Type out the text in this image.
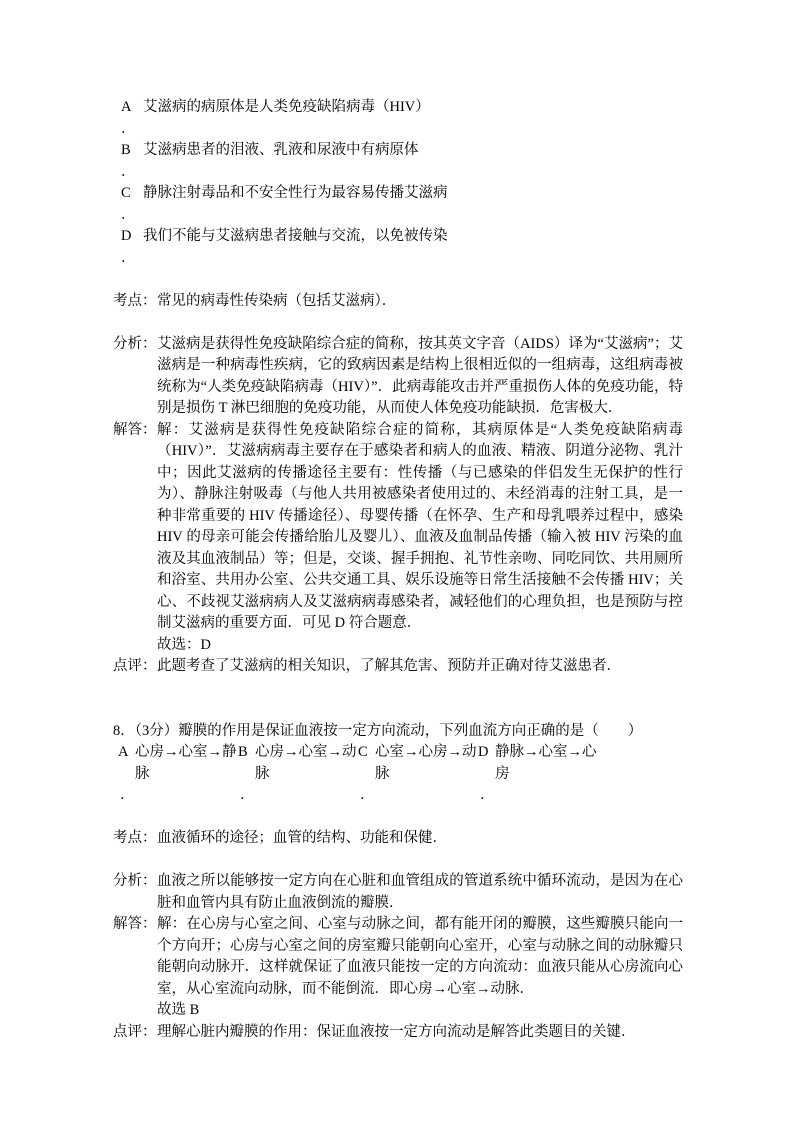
A 艾滋病的病原体是人类免疫缺陷病毒（HIV）
．
B 艾滋病患者的泪液、乳液和尿液中有病原体
．
C 静脉注射毒品和不安全性行为最容易传播艾滋病
．
D 我们不能与艾滋病患者接触与交流，以免被传染
．
考点： 常见的病毒性传染病（包括艾滋病）．

分析： 艾滋病是获得性免疫缺陷综合症的简称，按其英文字音（AIDS）译为“艾滋病”；艾滋病是一种病毒性疾病，它的致病因素是结构上很相近似的一组病毒，这组病毒被统称为“人类免疫缺陷病毒（HIV）”．此病毒能攻击并严重损伤人体的免疫功能，特别是损伤 T 淋巴细胞的免疫功能，从而使人体免疫功能缺损．危害极大．

解答： 解：艾滋病是获得性免疫缺陷综合症的简称，其病原体是“人类免疫缺陷病毒（HIV）”．艾滋病病毒主要存在于感染者和病人的血液、精液、阴道分泌物、乳汁中；因此艾滋病的传播途径主要有：性传播（与已感染的伴侣发生无保护的性行为）、静脉注射吸毒（与他人共用被感染者使用过的、未经消毒的注射工具，是一种非常重要的 HIV 传播途径）、母婴传播（在怀孕、生产和母乳喂养过程中，感染 HIV 的母亲可能会传播给胎儿及婴儿）、血液及血制品传播（输入被 HIV 污染的血液及其血液制品）等；但是，交谈、握手拥抱、礼节性亲吻、同吃同饮、共用厕所和浴室、共用办公室、公共交通工具、娱乐设施等日常生活接触不会传播 HIV；关心、不歧视艾滋病病人及艾滋病病毒感染者，减轻他们的心理负担，也是预防与控制艾滋病的重要方面．可见 D 符合题意．

故选：D

点评： 此题考查了艾滋病的相关知识，了解其危害、预防并正确对待艾滋患者．

8．（3分）瓣膜的作用是保证血液按一定方向流动，下列血流方向正确的是（　　）
A 心房→心室→静脉
B 心房→心室→动脉
C 心室→心房→动脉
D 静脉→心室→心房
．	．	．	．
考点： 血液循环的途径；血管的结构、功能和保健．

分析： 血液之所以能够按一定方向在心脏和血管组成的管道系统中循环流动，是因为在心脏和血管内具有防止血液倒流的瓣膜．

解答： 解：在心房与心室之间、心室与动脉之间，都有能开闭的瓣膜，这些瓣膜只能向一个方向开；心房与心室之间的房室瓣只能朝向心室开，心室与动脉之间的动脉瓣只能朝向动脉开．这样就保证了血液只能按一定的方向流动：血液只能从心房流向心室，从心室流向动脉，而不能倒流．即心房→心室→动脉．

故选 B

点评： 理解心脏内瓣膜的作用：保证血液按一定方向流动是解答此类题目的关键．
